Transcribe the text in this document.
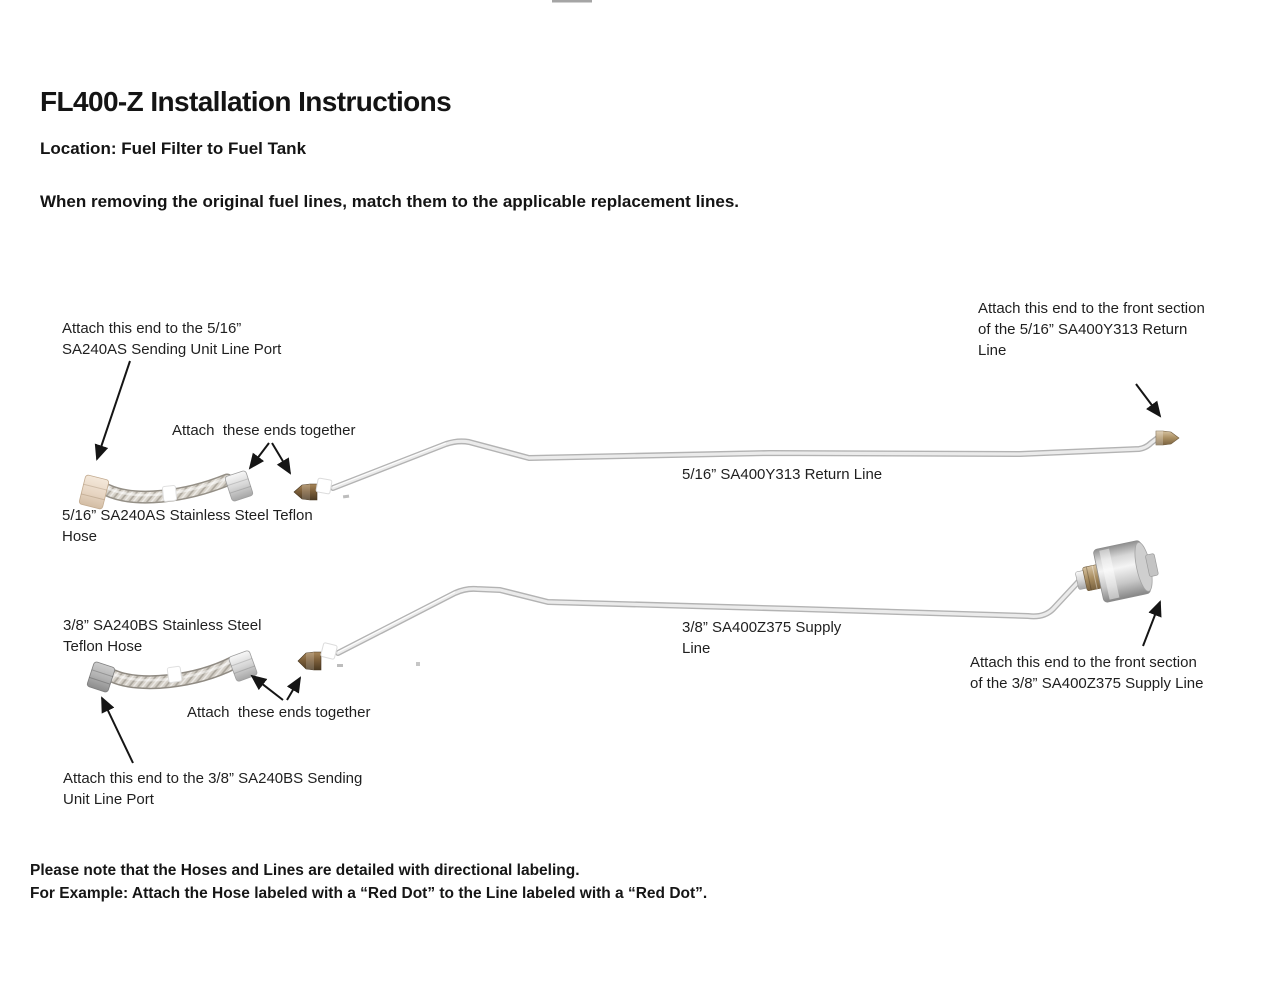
FL400-Z Installation Instructions
Location: Fuel Filter to Fuel Tank
When removing the original fuel lines, match them to the applicable replacement lines.
Attach this end to the 5/16” SA240AS Sending Unit Line Port
Attach  these ends together
5/16” SA240AS Stainless Steel Teflon Hose
5/16” SA400Y313 Return Line
Attach this end to the front section of the 5/16” SA400Y313 Return Line
3/8” SA240BS Stainless Steel Teflon Hose
3/8” SA400Z375 Supply Line
Attach  these ends together
Attach this end to the 3/8” SA240BS Sending Unit Line Port
Attach this end to the front section of the 3/8” SA400Z375 Supply Line
Please note that the Hoses and Lines are detailed with directional labeling.
For Example: Attach the Hose labeled with a “Red Dot” to the Line labeled with a “Red Dot”.
